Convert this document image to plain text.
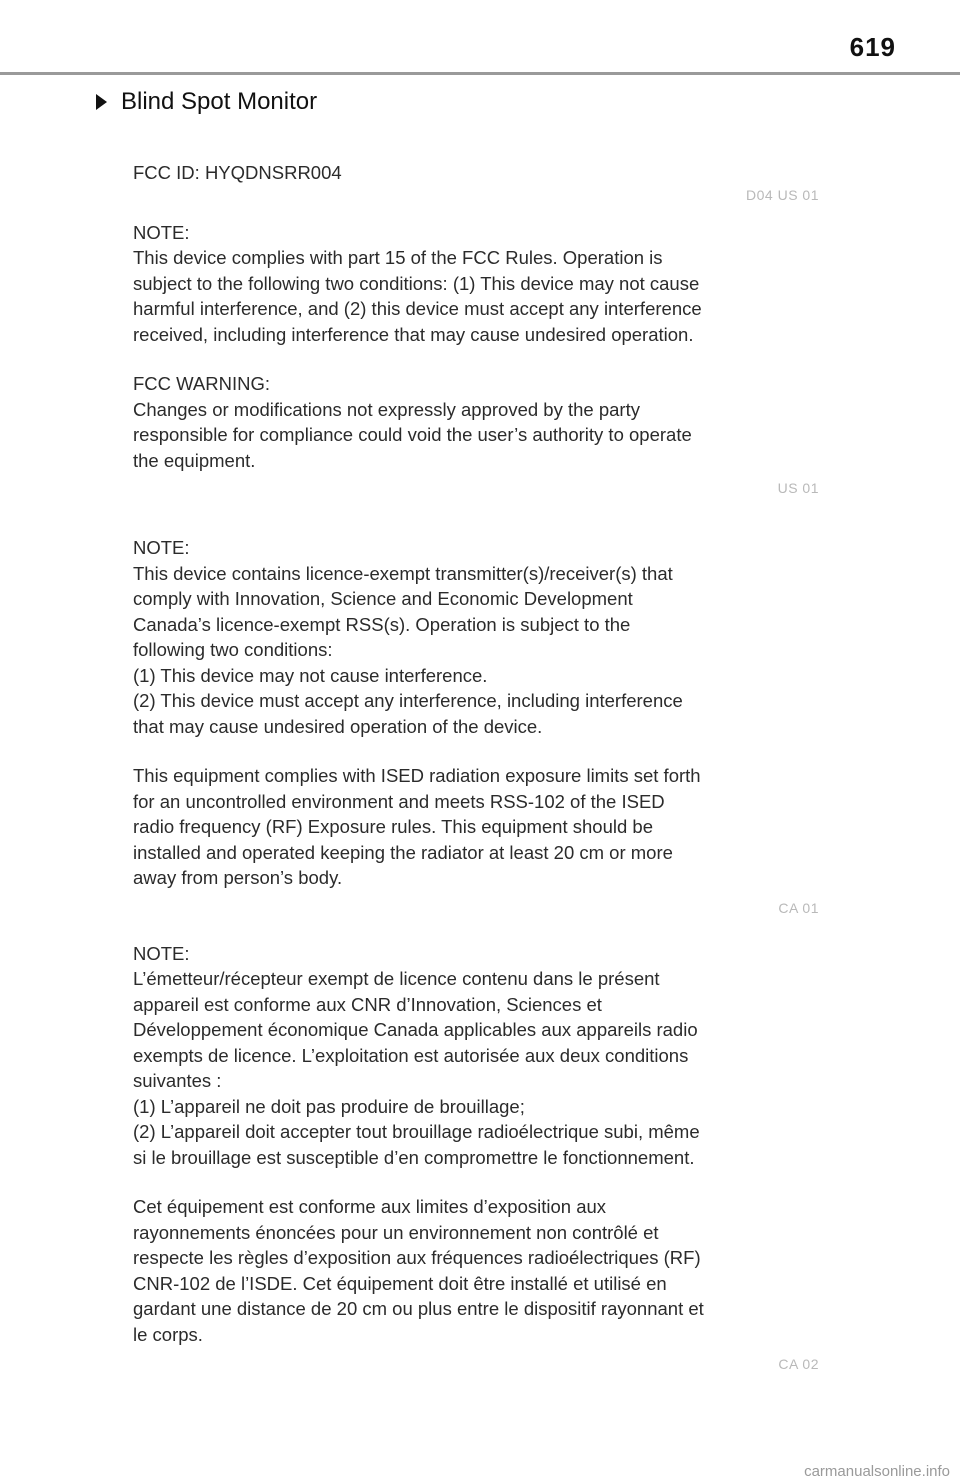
619
Blind Spot Monitor

FCC ID: HYQDNSRR004

D04 US 01

NOTE:

This device complies with part 15 of the FCC Rules. Operation is
subject to the following two conditions: (1) This device may not cause
harmful interference, and (2) this device must accept any interference
received, including interference that may cause undesired operation.

FCC WARNING:

Changes or modifications not expressly approved by the party
responsible for compliance could void the user’s authority to operate
the equipment.

US 01

NOTE:

This device contains licence-exempt transmitter(s)/receiver(s) that
comply with Innovation, Science and Economic Development
Canada’s licence-exempt RSS(s). Operation is subject to the
following two conditions:
(1) This device may not cause interference.
(2) This device must accept any interference, including interference
that may cause undesired operation of the device.

This equipment complies with ISED radiation exposure limits set forth
for an uncontrolled environment and meets RSS-102 of the ISED
radio frequency (RF) Exposure rules. This equipment should be
installed and operated keeping the radiator at least 20 cm or more
away from person’s body.

CA 01

NOTE:

L’émetteur/récepteur exempt de licence contenu dans le présent
appareil est conforme aux CNR d’Innovation, Sciences et
Développement économique Canada applicables aux appareils radio
exempts de licence. L’exploitation est autorisée aux deux conditions
suivantes :
(1) L’appareil ne doit pas produire de brouillage;
(2) L’appareil doit accepter tout brouillage radioélectrique subi, même
si le brouillage est susceptible d’en compromettre le fonctionnement.

Cet équipement est conforme aux limites d’exposition aux
rayonnements énoncées pour un environnement non contrôlé et
respecte les règles d’exposition aux fréquences radioélectriques (RF)
CNR-102 de l’ISDE. Cet équipement doit être installé et utilisé en
gardant une distance de 20 cm ou plus entre le dispositif rayonnant et
le corps.

CA 02
carmanualsonline.info
